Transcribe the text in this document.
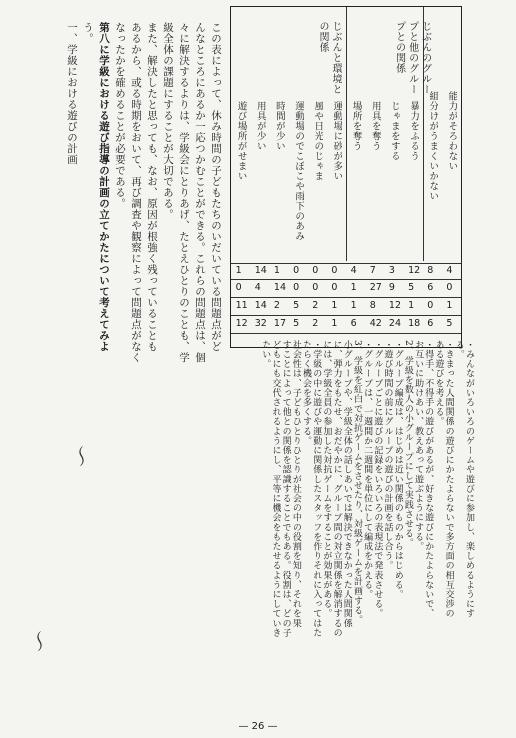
・みんながいろいろのゲームや遊びに参加し、楽しめるようにす
る。
・きまった人間関係の遊びにかたよらないで多方面の相互交渉の
ある遊びを考える。
・得手、不得手の遊びがあるが、好きな遊びにかたよらないで、
お互いに助けあい、教えあって遊ぶようにする。
2、学級を数人の小グループにして実践させる。
・グループ編成は、はじめは近い関係のものからはじめる。
・遊び時間の前にグループの遊びの計画を話し合う。
・グループごとに遊びの記録をいろいろの表現法で発表させる。
・グループは、一週間か二週間を単位にして編成をかえる。
3、学級を紅白で対抗ゲームをさせたり、対級ゲームを計画する。
小グループや、学級全体の話しあいでは解決できなかった人間関係
に、弾力をもたせ、おだやかに、グループ間の対立関係を解消するの
には、学級全員の参加した対抗ゲームをすることが効果がある。
・学級の中に遊びや運動に関係したスタッフを作りそれに入ってはた
たらく機会を多くする。
社会性は、子どもひとりひとりが社会の中の役割を知り、それを果
すことによって他との関係を認識することでもある。役割は、どの子
どもにも交代されるようにし、平等に機会をもたせるようにしていき
たい。
能力がそろわない
組分けがうまくいかない
暴力をふるう
じゃまをする
用具を奪う
場所を奪う
運動場に砂が多い
風や日光のじゃま
運動場のでこぼこや雨下のあみ
時間が少い
用具が少い
遊び場所がせまい
じぶんのグループと他のグループとの関係
じぶんと環境との関係
4
8
12
3
7
4
0
0
0
1
14
1
0
6
5
9
27
1
0
0
0
14
4
0
1
0
1
12
8
1
1
2
5
2
14
11
5
6
18
24
42
6
1
2
5
17
32
12
この表によって、休み時間の子どもたちのいだいている問題点がど
んなところにあるか一応つかむことができる。これらの問題点は、個
々に解決するよりは、学級会にとりあげ、たとえひとりのことも、学
級全体の課題にすることが大切である。
また、解決したと思っても、なお、原因が根強く残っていることも
あるから、或る時期をおいて、再び調査や観察によって問題点がなく
なったかを確めることが必要である。
第八に学級における遊び指導の計画の立てかたについて考えてみよ
う。
一、学級における遊びの計画
〜
〜
— 26 —
